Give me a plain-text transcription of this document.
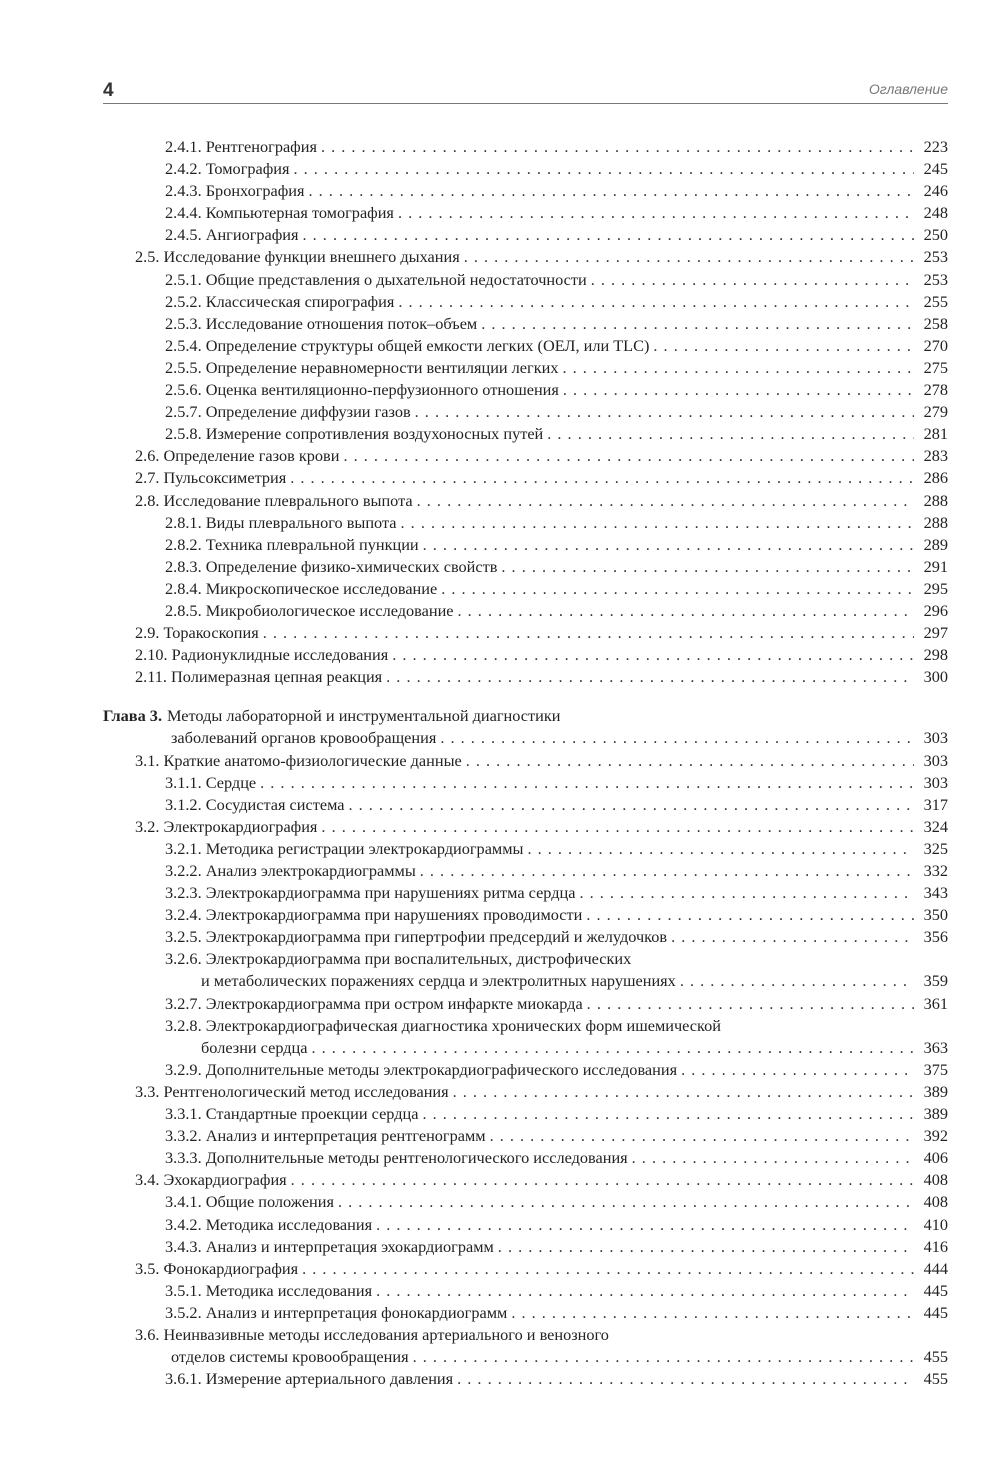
4	Оглавление
2.4.1. Рентгенография . . .	223
2.4.2. Томография . . .	245
2.4.3. Бронхография . . .	246
2.4.4. Компьютерная томография . . .	248
2.4.5. Ангиография . . .	250
2.5. Исследование функции внешнего дыхания . . .	253
2.5.1. Общие представления о дыхательной недостаточности . . .	253
2.5.2. Классическая спирография . . .	255
2.5.3. Исследование отношения поток–объем . . .	258
2.5.4. Определение структуры общей емкости легких (ОЕЛ, или TLC) . . .	270
2.5.5. Определение неравномерности вентиляции легких . . .	275
2.5.6. Оценка вентиляционно-перфузионного отношения . . .	278
2.5.7. Определение диффузии газов . . .	279
2.5.8. Измерение сопротивления воздухоносных путей . . .	281
2.6. Определение газов крови . . .	283
2.7. Пульсоксиметрия . . .	286
2.8. Исследование плеврального выпота . . .	288
2.8.1. Виды плеврального выпота . . .	288
2.8.2. Техника плевральной пункции . . .	289
2.8.3. Определение физико-химических свойств . . .	291
2.8.4. Микроскопическое исследование . . .	295
2.8.5. Микробиологическое исследование . . .	296
2.9. Торакоскопия . . .	297
2.10. Радионуклидные исследования . . .	298
2.11. Полимеразная цепная реакция . . .	300
Глава 3. Методы лабораторной и инструментальной диагностики
заболеваний органов кровообращения . . .	303
3.1. Краткие анатомо-физиологические данные . . .	303
3.1.1. Сердце . . .	303
3.1.2. Сосудистая система . . .	317
3.2. Электрокардиография . . .	324
3.2.1. Методика регистрации электрокардиограммы . . .	325
3.2.2. Анализ электрокардиограммы . . .	332
3.2.3. Электрокардиограмма при нарушениях ритма сердца . . .	343
3.2.4. Электрокардиограмма при нарушениях проводимости . . .	350
3.2.5. Электрокардиограмма при гипертрофии предсердий и желудочков . . .	356
3.2.6. Электрокардиограмма при воспалительных, дистрофических
и метаболических поражениях сердца и электролитных нарушениях . . .	359
3.2.7. Электрокардиограмма при остром инфаркте миокарда . . .	361
3.2.8. Электрокардиографическая диагностика хронических форм ишемической
болезни сердца . . .	363
3.2.9. Дополнительные методы электрокардиографического исследования . . .	375
3.3. Рентгенологический метод исследования . . .	389
3.3.1. Стандартные проекции сердца . . .	389
3.3.2. Анализ и интерпретация рентгенограмм . . .	392
3.3.3. Дополнительные методы рентгенологического исследования . . .	406
3.4. Эхокардиография . . .	408
3.4.1. Общие положения . . .	408
3.4.2. Методика исследования . . .	410
3.4.3. Анализ и интерпретация эхокардиограмм . . .	416
3.5. Фонокардиография . . .	444
3.5.1. Методика исследования . . .	445
3.5.2. Анализ и интерпретация фонокардиограмм . . .	445
3.6. Неинвазивные методы исследования артериального и венозного
отделов системы кровообращения . . .	455
3.6.1. Измерение артериального давления . . .	455
